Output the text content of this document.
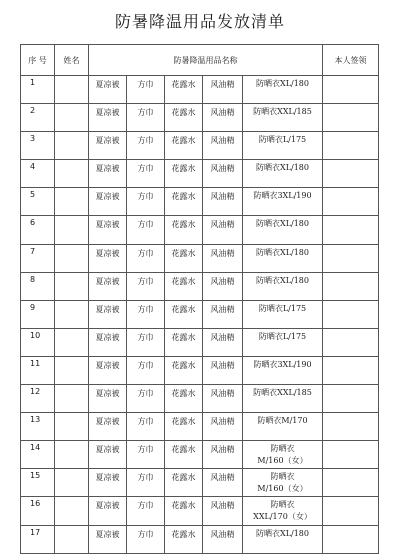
防暑降温用品发放清单
序 号	姓名	防暑降温用品名称					本人签领
1		夏凉被	方巾	花露水	风油精	防晒衣XL/180	

2		夏凉被	方巾	花露水	风油精	防晒衣XXL/185	

3		夏凉被	方巾	花露水	风油精	防晒衣L/175	

4		夏凉被	方巾	花露水	风油精	防晒衣XL/180	

5		夏凉被	方巾	花露水	风油精	防晒衣3XL/190	

6		夏凉被	方巾	花露水	风油精	防晒衣XL/180	

7		夏凉被	方巾	花露水	风油精	防晒衣XL/180	

8		夏凉被	方巾	花露水	风油精	防晒衣XL/180	

9		夏凉被	方巾	花露水	风油精	防晒衣L/175	

10		夏凉被	方巾	花露水	风油精	防晒衣L/175	

11		夏凉被	方巾	花露水	风油精	防晒衣3XL/190	

12		夏凉被	方巾	花露水	风油精	防晒衣XXL/185	

13		夏凉被	方巾	花露水	风油精	防晒衣M/170	

14		夏凉被	方巾	花露水	风油精	防晒衣
M/160（女）	

15		夏凉被	方巾	花露水	风油精	防晒衣
M/160（女）	

16		夏凉被	方巾	花露水	风油精	防晒衣
XXL/170（女）	

17		夏凉被	方巾	花露水	风油精	防晒衣XL/180	
